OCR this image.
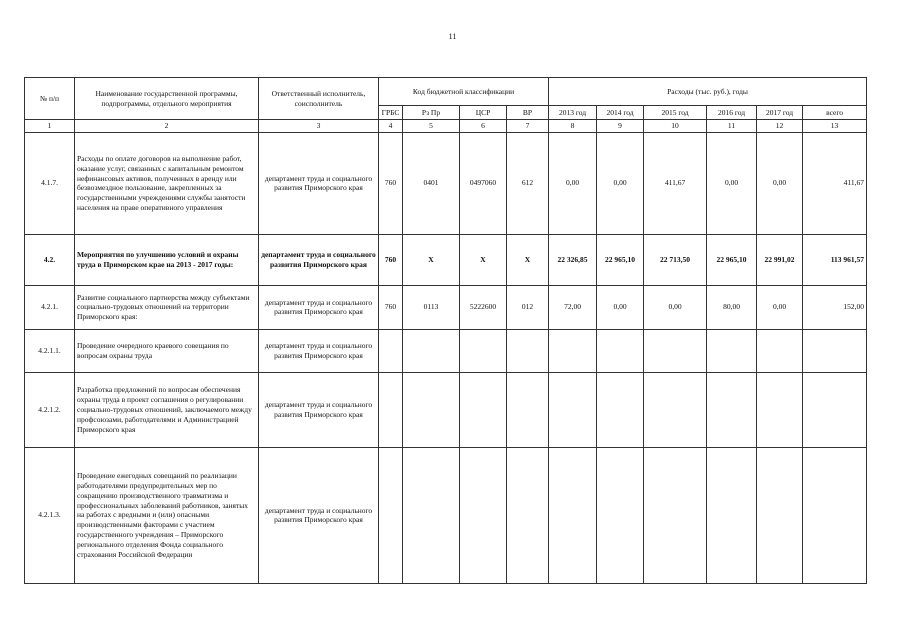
11
№ п/п	Наименование государственной программы, подпрограммы, отдельного мероприятия	Ответственный исполнитель, соисполнитель	Код бюджетной классификации				Расходы (тыс. руб.), годы					
			ГРБС	Рз Пр	ЦСР	ВР	2013 год	2014 год	2015 год	2016 год	2017 год	всего
1	2	3	4	5	6	7	8	9	10	11	12	13
4.1.7.	Расходы по оплате договоров на выполнение работ, оказание услуг, связанных с капитальным ремонтом нефинансовых активов, полученных в аренду или безвозмездное пользование, закрепленных за государственными учреждениями службы занятости населения на праве оперативного управления	департамент труда и социального развития Приморского края	760	0401	0497060	612	0,00	0,00	411,67	0,00	0,00	411,67
4.2.	Мероприятия по улучшению условий и охраны труда в Приморском крае на 2013 - 2017 годы:	департамент труда и социального развития Приморского края	760	Х	Х	Х	22 326,85	22 965,10	22 713,50	22 965,10	22 991,02	113 961,57
4.2.1.	Развитие социального партнерства между субъектами социально-трудовых отношений на территории Приморского края:	департамент труда и социального развития Приморского края	760	0113	5222600	012	72,00	0,00	0,00	80,00	0,00	152,00
4.2.1.1.	Проведение очередного краевого совещания по вопросам охраны труда	департамент труда и социального развития Приморского края										
4.2.1.2.	Разработка предложений по вопросам обеспечения охраны труда в проект соглашения о регулировании социально-трудовых отношений, заключаемого между профсоюзами, работодателями и Администрацией Приморского края	департамент труда и социального развития Приморского края										
4.2.1.3.	Проведение ежегодных совещаний по реализации работодателями предупредительных мер по сокращению производственного травматизма и профессиональных заболеваний работников, занятых на работах с вредными и (или) опасными производственными факторами с участием государственного учреждения – Приморского регионального отделения Фонда социального страхования Российской Федерации	департамент труда и социального развития Приморского края										
